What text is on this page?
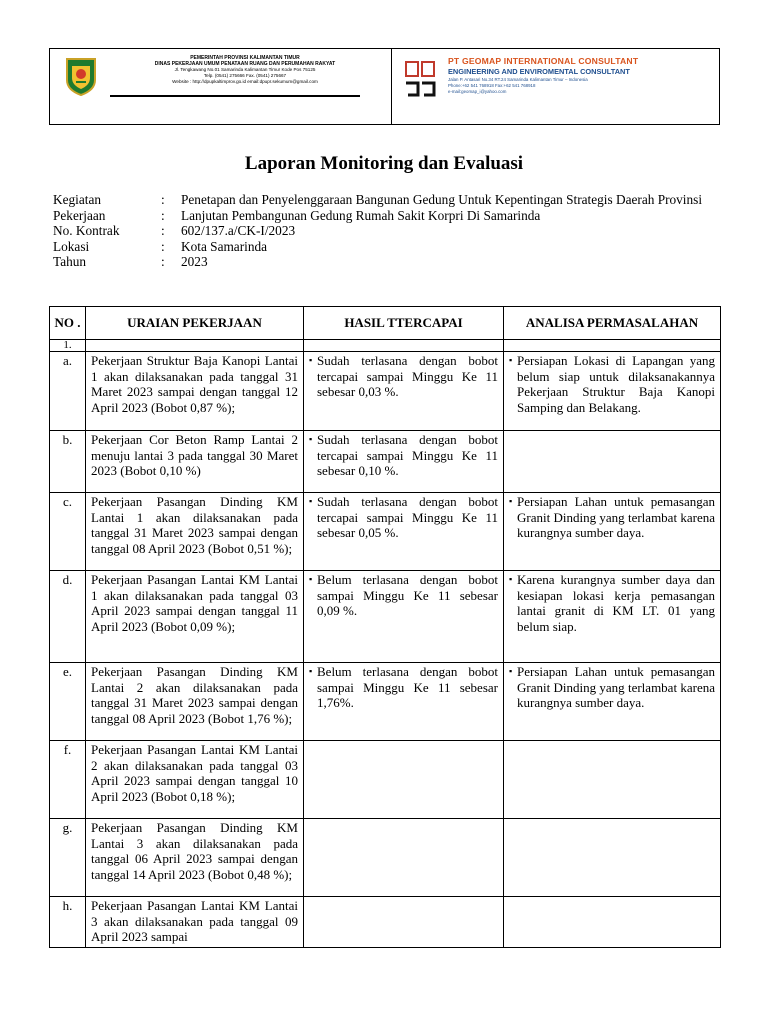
PEMERINTAH PROVINSI KALIMANTAN TIMUR
DINAS PEKERJAAN UMUM PENATAAN RUANG DAN PERUMAHAN RAKYAT
Jl. Tengkawang No.01 Samarinda Kalimantan Timur Kode Pos 75125
Telp. (0541) 275666 Fax. (0541) 275667
Website : http://dpupkaltimprov.go.id email:dpupr.sekumum@gmail.com
PT GEOMAP INTERNATIONAL CONSULTANT
ENGINEERING AND ENVIROMENTAL CONSULTANT
Jalan P. Antasari No.34 RT.24 Samarinda Kalimantan Timur – Indonesia
Phone:+62 541 768918 Fax:+62 541 768918
e-mail:geomap_i@yahoo.com
Laporan Monitoring dan Evaluasi
Kegiatan	:	Penetapan dan Penyelenggaraan Bangunan Gedung Untuk Kepentingan Strategis Daerah Provinsi
Pekerjaan	:	Lanjutan Pembangunan Gedung Rumah Sakit Korpri Di Samarinda
No. Kontrak	:	602/137.a/CK-I/2023
Lokasi	:	Kota Samarinda
Tahun	:	2023
NO .	URAIAN PEKERJAAN	HASIL TTERCAPAI	ANALISA PERMASALAHAN
1.			
a.	Pekerjaan Struktur Baja Kanopi Lantai 1 akan dilaksanakan pada tanggal 31 Maret 2023 sampai dengan tanggal 12 April 2023 (Bobot 0,87 %);	▪ Sudah terlasana dengan bobot tercapai sampai Minggu Ke 11 sebesar 0,03 %.	▪ Persiapan Lokasi di Lapangan yang belum siap untuk dilaksanakannya Pekerjaan Struktur Baja Kanopi Samping dan Belakang.

b.	Pekerjaan Cor Beton Ramp Lantai 2 menuju lantai 3 pada tanggal 30 Maret 2023 (Bobot 0,10 %)	▪ Sudah terlasana dengan bobot tercapai sampai Minggu Ke 11 sebesar 0,10 %.	

c.	Pekerjaan Pasangan Dinding KM Lantai 1 akan dilaksanakan pada tanggal 31 Maret 2023 sampai dengan tanggal 08 April 2023 (Bobot 0,51 %);	▪ Sudah terlasana dengan bobot tercapai sampai Minggu Ke 11 sebesar 0,05 %.	▪ Persiapan Lahan untuk pemasangan Granit Dinding yang terlambat karena kurangnya sumber daya.

d.	Pekerjaan Pasangan Lantai KM Lantai 1 akan dilaksanakan pada tanggal 03 April 2023 sampai dengan tanggal 11 April 2023 (Bobot 0,09 %);	▪ Belum terlasana dengan bobot sampai Minggu Ke 11 sebesar 0,09 %.	▪ Karena kurangnya sumber daya dan kesiapan lokasi kerja pemasangan lantai granit di KM LT. 01 yang belum siap.

e.	Pekerjaan Pasangan Dinding KM Lantai 2 akan dilaksanakan pada tanggal 31 Maret 2023 sampai dengan tanggal 08 April 2023 (Bobot 1,76 %);	▪ Belum terlasana dengan bobot sampai Minggu Ke 11 sebesar 1,76%.	▪ Persiapan Lahan untuk pemasangan Granit Dinding yang terlambat karena kurangnya sumber daya.

f.	Pekerjaan Pasangan Lantai KM Lantai 2 akan dilaksanakan pada tanggal 03 April 2023 sampai dengan tanggal 10 April 2023 (Bobot 0,18 %);		
g.	Pekerjaan Pasangan Dinding KM Lantai 3 akan dilaksanakan pada tanggal 06 April 2023 sampai dengan tanggal 14 April 2023 (Bobot 0,48 %);		
h.	Pekerjaan Pasangan Lantai KM Lantai 3 akan dilaksanakan pada tanggal 09 April 2023 sampai		
